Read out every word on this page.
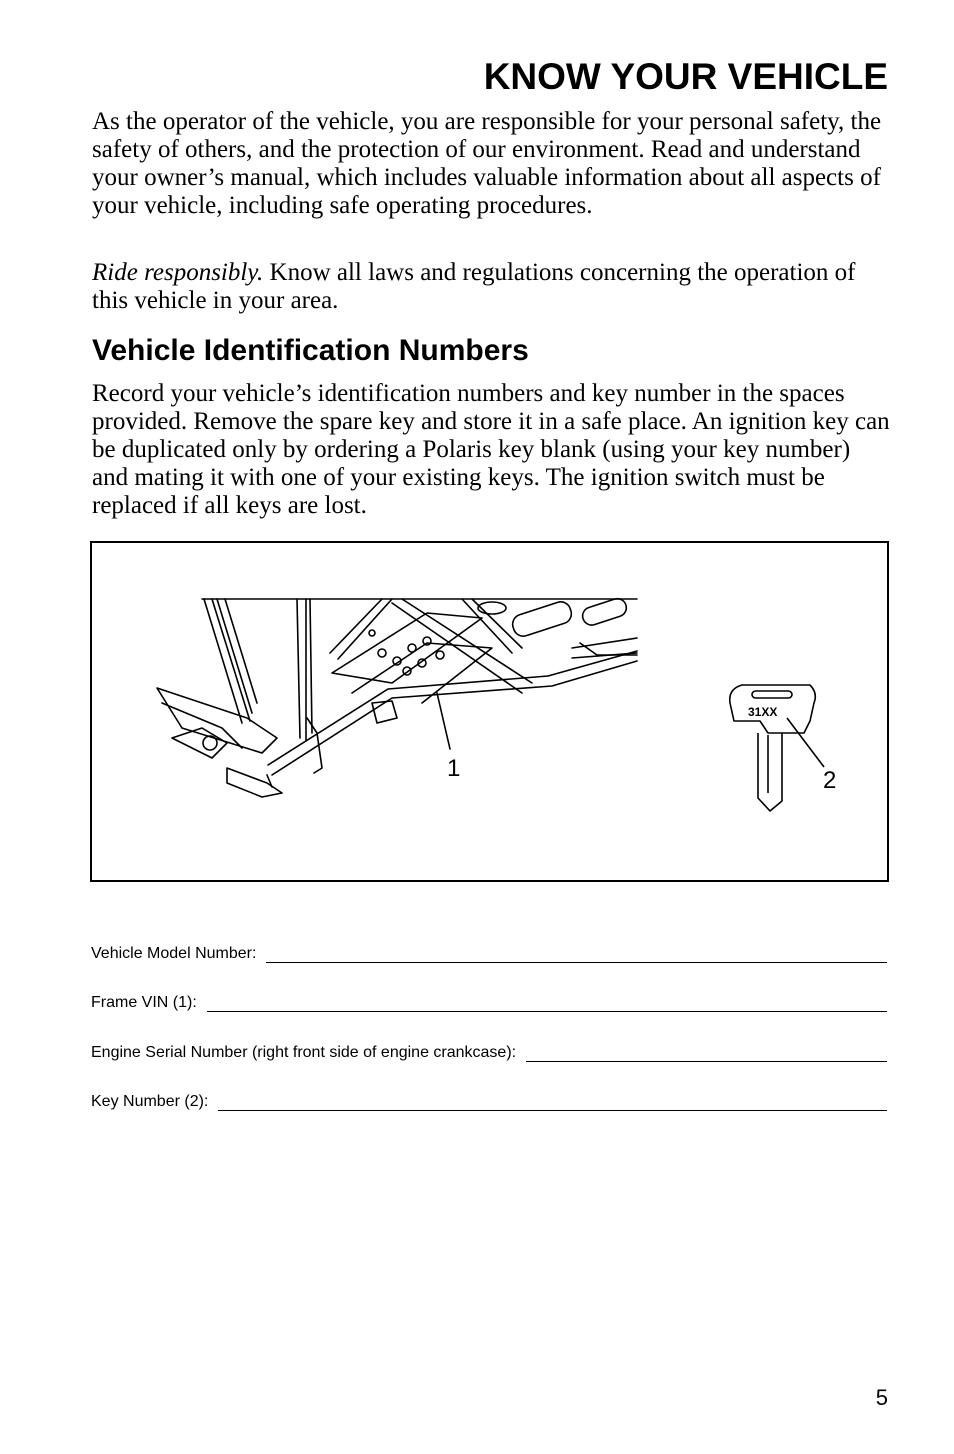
KNOW YOUR VEHICLE

As the operator of the vehicle, you are responsible for your personal safety, the safety of others, and the protection of our environment. Read and understand your owner’s manual, which includes valuable information about all aspects of your vehicle, including safe operating procedures.

Ride responsibly. Know all laws and regulations concerning the operation of this vehicle in your area.

Vehicle Identification Numbers

Record your vehicle’s identification numbers and key number in the spaces provided. Remove the spare key and store it in a safe place. An ignition key can be duplicated only by ordering a Polaris key blank (using your key number) and mating it with one of your existing keys. The ignition switch must be replaced if all keys are lost.

1	2
31XX
Vehicle Model Number:
Frame VIN (1):
Engine Serial Number (right front side of engine crankcase):
Key Number (2):
5
